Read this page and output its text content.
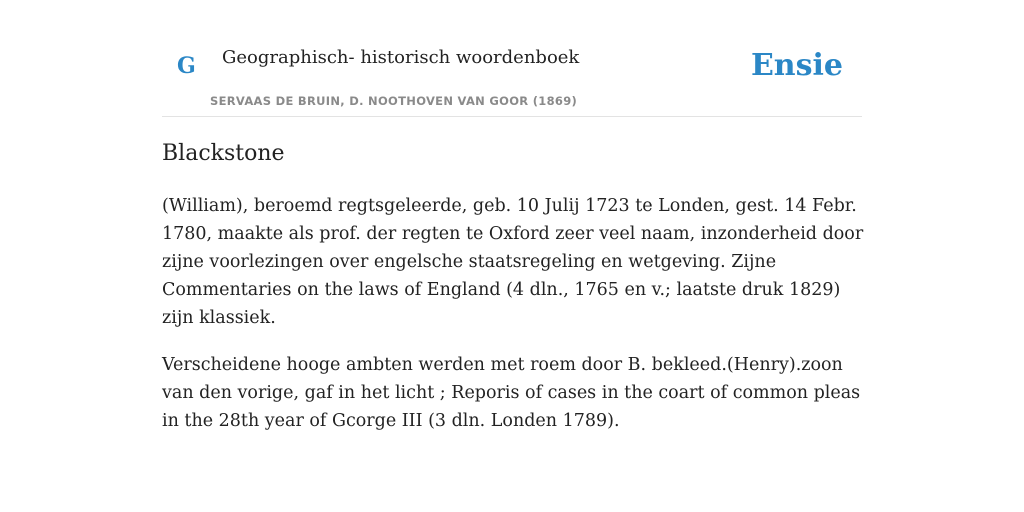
G Geographisch- historisch woordenboek
SERVAAS DE BRUIN, D. NOOTHOVEN VAN GOOR (1869)
Ensie
Blackstone

(William), beroemd regtsgeleerde, geb. 10 Julij 1723 te Londen, gest. 14 Febr. 1780, maakte als prof. der regten te Oxford zeer veel naam, inzonderheid door zijne voorlezingen over engelsche staatsregeling en wetgeving. Zijne Commentaries on the laws of England (4 dln., 1765 en v.; laatste druk 1829) zijn klassiek.

Verscheidene hooge ambten werden met roem door B. bekleed.(Henry).zoon van den vorige, gaf in het licht ; Reporis of cases in the coart of common pleas in the 28th year of Gcorge III (3 dln. Londen 1789).
